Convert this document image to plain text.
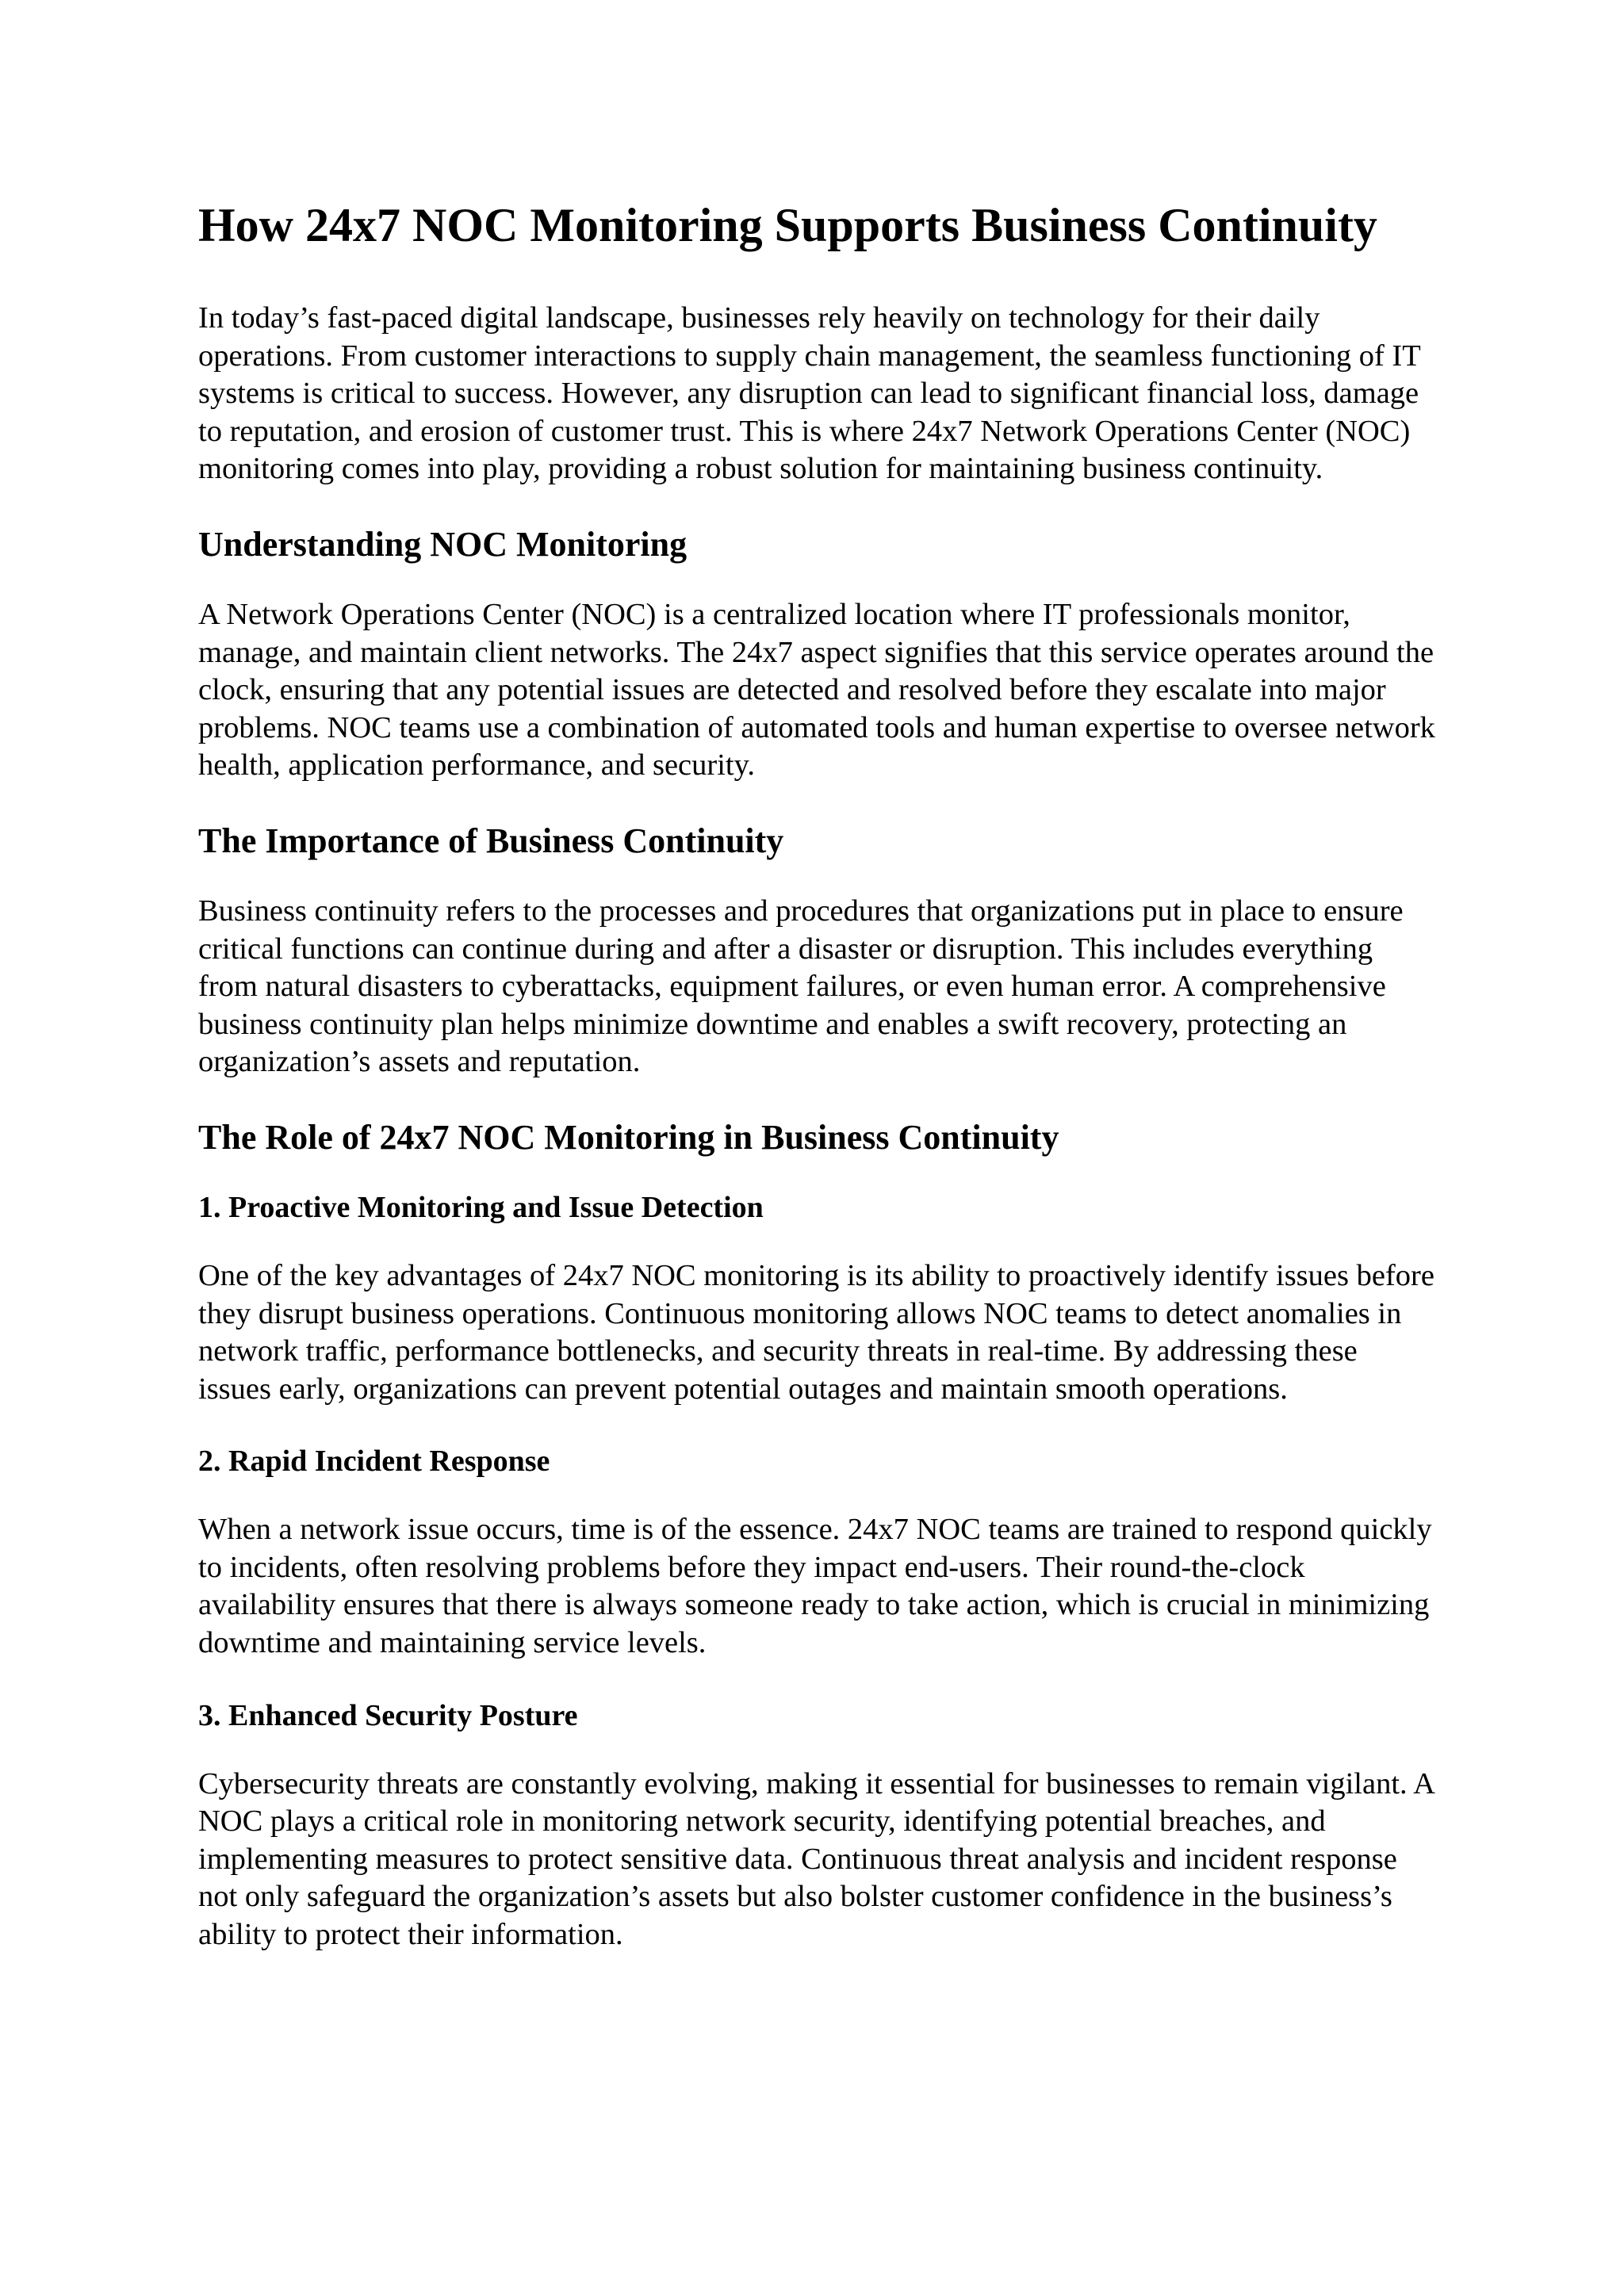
How 24x7 NOC Monitoring Supports Business Continuity

In today’s fast-paced digital landscape, businesses rely heavily on technology for their daily operations. From customer interactions to supply chain management, the seamless functioning of IT systems is critical to success. However, any disruption can lead to significant financial loss, damage to reputation, and erosion of customer trust. This is where 24x7 Network Operations Center (NOC) monitoring comes into play, providing a robust solution for maintaining business continuity.

Understanding NOC Monitoring

A Network Operations Center (NOC) is a centralized location where IT professionals monitor, manage, and maintain client networks. The 24x7 aspect signifies that this service operates around the clock, ensuring that any potential issues are detected and resolved before they escalate into major problems. NOC teams use a combination of automated tools and human expertise to oversee network health, application performance, and security.

The Importance of Business Continuity

Business continuity refers to the processes and procedures that organizations put in place to ensure critical functions can continue during and after a disaster or disruption. This includes everything from natural disasters to cyberattacks, equipment failures, or even human error. A comprehensive business continuity plan helps minimize downtime and enables a swift recovery, protecting an organization’s assets and reputation.

The Role of 24x7 NOC Monitoring in Business Continuity
1. Proactive Monitoring and Issue Detection

One of the key advantages of 24x7 NOC monitoring is its ability to proactively identify issues before they disrupt business operations. Continuous monitoring allows NOC teams to detect anomalies in network traffic, performance bottlenecks, and security threats in real-time. By addressing these issues early, organizations can prevent potential outages and maintain smooth operations.

2. Rapid Incident Response

When a network issue occurs, time is of the essence. 24x7 NOC teams are trained to respond quickly to incidents, often resolving problems before they impact end-users. Their round-the-clock availability ensures that there is always someone ready to take action, which is crucial in minimizing downtime and maintaining service levels.

3. Enhanced Security Posture

Cybersecurity threats are constantly evolving, making it essential for businesses to remain vigilant. A NOC plays a critical role in monitoring network security, identifying potential breaches, and implementing measures to protect sensitive data. Continuous threat analysis and incident response not only safeguard the organization’s assets but also bolster customer confidence in the business’s ability to protect their information.
